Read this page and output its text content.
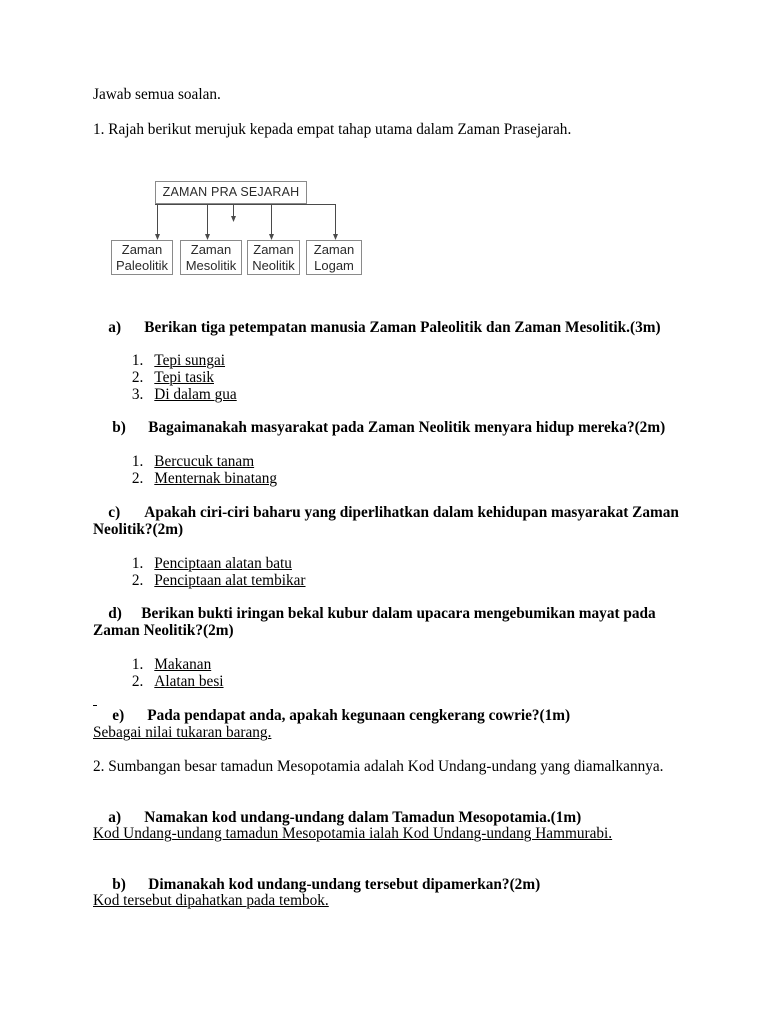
Jawab semua soalan.

1. Rajah berikut merujuk kepada empat tahap utama dalam Zaman Prasejarah.

ZAMAN PRA SEJARAH
Zaman
Paleolitik
Zaman
Mesolitik
Zaman
Neolitik
Zaman
Logam

a) Berikan tiga petempatan manusia Zaman Paleolitik dan Zaman Mesolitik.(3m)

1. Tepi sungai

2. Tepi tasik

3. Di dalam gua

b) Bagaimanakah masyarakat pada Zaman Neolitik menyara hidup mereka?(2m)

1. Bercucuk tanam

2. Menternak binatang

c) Apakah ciri-ciri baharu yang diperlihatkan dalam kehidupan masyarakat Zaman
Neolitik?(2m)

1. Penciptaan alatan batu

2. Penciptaan alat tembikar

d) Berikan bukti iringan bekal kubur dalam upacara mengebumikan mayat pada
Zaman Neolitik?(2m)

1. Makanan

2. Alatan besi

e) Pada pendapat anda, apakah kegunaan cengkerang cowrie?(1m)

Sebagai nilai tukaran barang.

2. Sumbangan besar tamadun Mesopotamia adalah Kod Undang-undang yang diamalkannya.

a) Namakan kod undang-undang dalam Tamadun Mesopotamia.(1m)

Kod Undang-undang tamadun Mesopotamia ialah Kod Undang-undang Hammurabi.

b) Dimanakah kod undang-undang tersebut dipamerkan?(2m)

Kod tersebut dipahatkan pada tembok.
